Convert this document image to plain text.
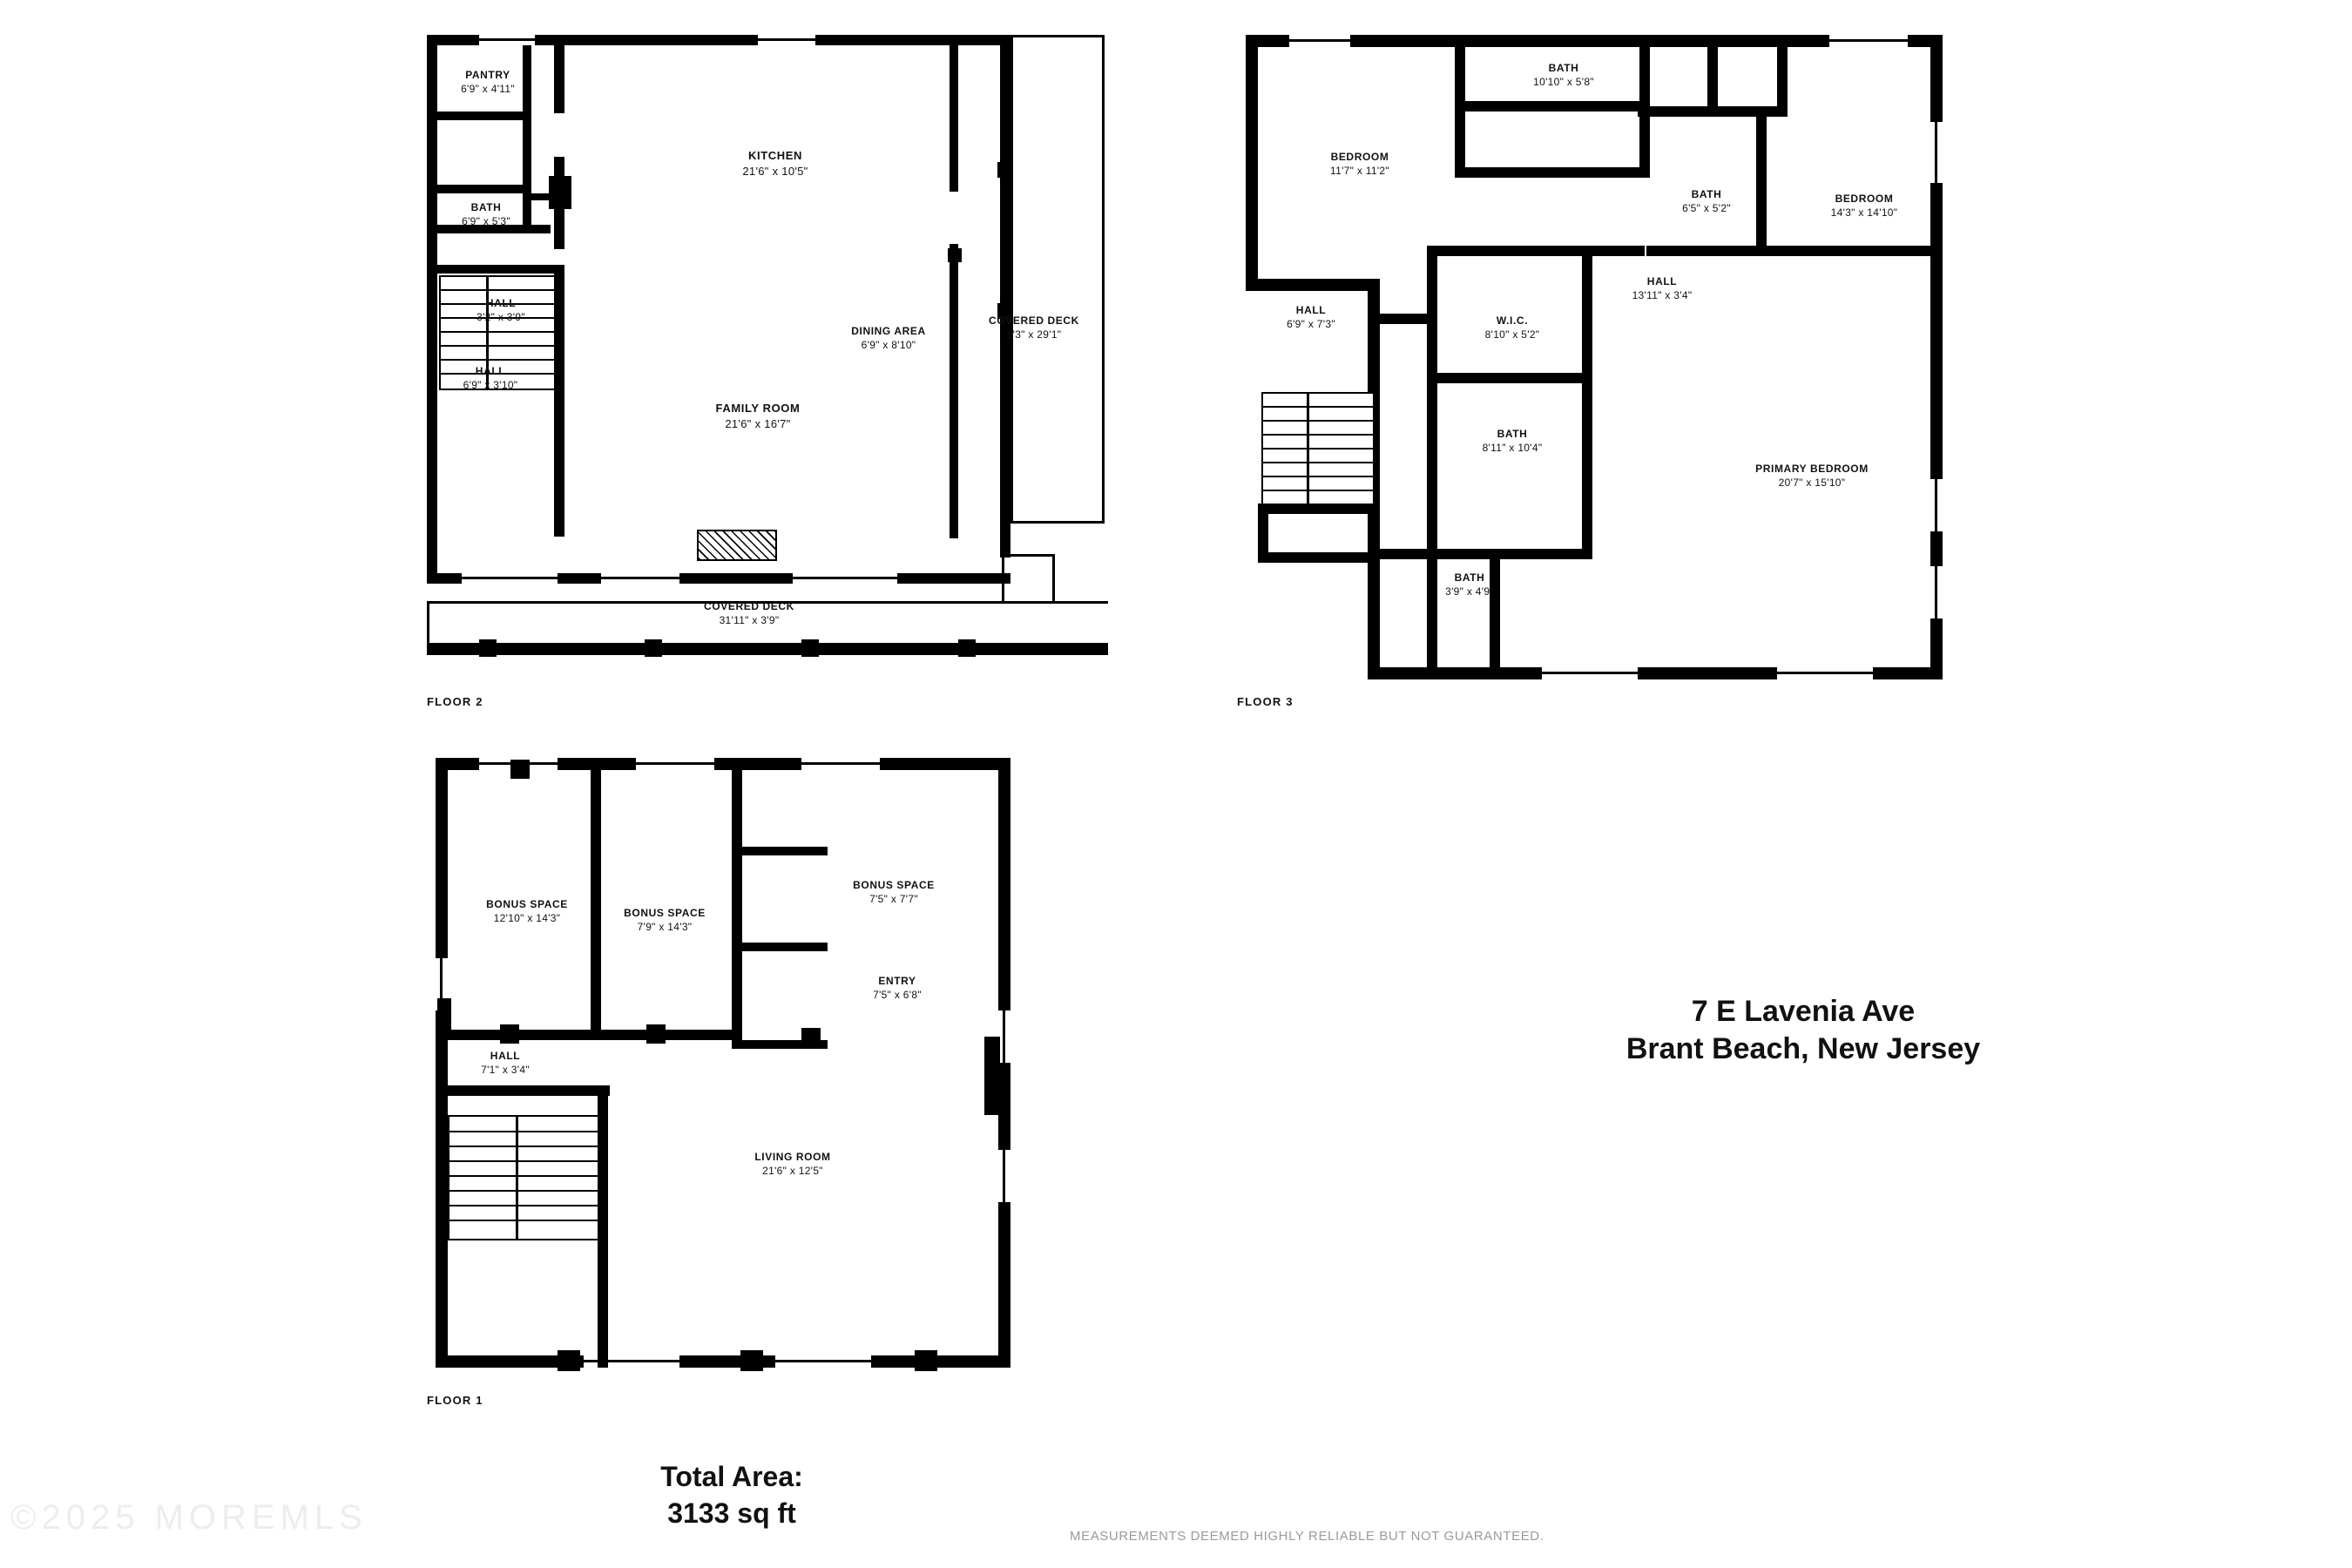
PANTRY
6'9" x 4'11"
KITCHEN
21'6" x 10'5"
BATH
6'9" x 5'3"
HALL
3'2" x 3'9"
HALL
6'9" x 3'10"
DINING AREA
6'9" x 8'10"
COVERED DECK
8'3" x 29'1"
FAMILY ROOM
21'6" x 16'7"
COVERED DECK
31'11" x 3'9"
FLOOR 2
BEDROOM
11'7" x 11'2"
BATH
10'10" x 5'8"
BATH
6'5" x 5'2"
BEDROOM
14'3" x 14'10"
HALL
13'11" x 3'4"
HALL
6'9" x 7'3"	W.I.C.
8'10" x 5'2"
BATH
8'11" x 10'4"
BATH
3'9" x 4'9"
PRIMARY BEDROOM
20'7" x 15'10"
FLOOR 3
BONUS SPACE
12'10" x 14'3"	BONUS SPACE
7'9" x 14'3"
BONUS SPACE
7'5" x 7'7"
ENTRY
7'5" x 6'8"
HALL
7'1" x 3'4"
LIVING ROOM
21'6" x 12'5"
FLOOR 1
7 E Lavenia Ave
Brant Beach, New Jersey
Total Area:
3133 sq ft
MEASUREMENTS DEEMED HIGHLY RELIABLE BUT NOT GUARANTEED.
©2025 MOREMLS
